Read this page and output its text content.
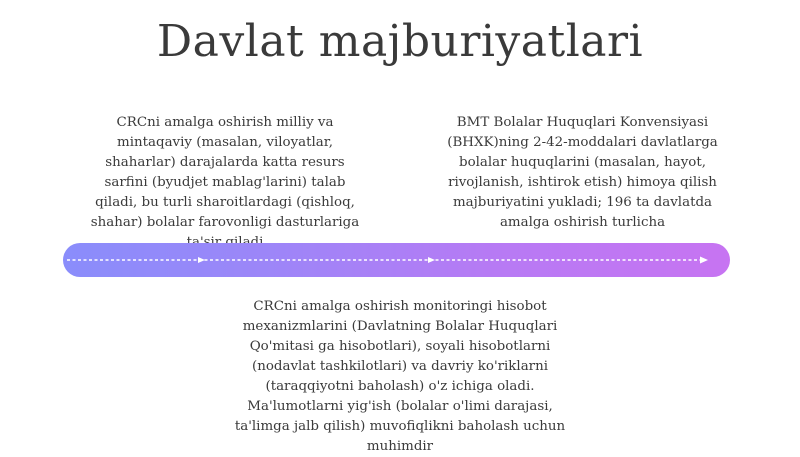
Davlat majburiyatlari
CRCni amalga oshirish milliy va
mintaqaviy (masalan, viloyatlar,
shaharlar) darajalarda katta resurs
sarfini (byudjet mablag'larini) talab
qiladi, bu turli sharoitlardagi (qishloq,
shahar) bolalar farovonligi dasturlariga

BMT Bolalar Huquqlari Konvensiyasi
(BHXK)ning 2-42-moddalari davlatlarga
bolalar huquqlarini (masalan, hayot,
rivojlanish, ishtirok etish) himoya qilish
majburiyatini yukladi; 196 ta davlatda
amalga oshirish turlicha
CRCni amalga oshirish monitoringi hisobot
mexanizmlarini (Davlatning Bolalar Huquqlari
Qo'mitasi ga hisobotlari), soyali hisobotlarni
(nodavlat tashkilotlari) va davriy ko'riklarni
(taraqqiyotni baholash) o'z ichiga oladi.
Ma'lumotlarni yig'ish (bolalar o'limi darajasi,
ta'limga jalb qilish) muvofiqlikni baholash uchun
muhimdir
